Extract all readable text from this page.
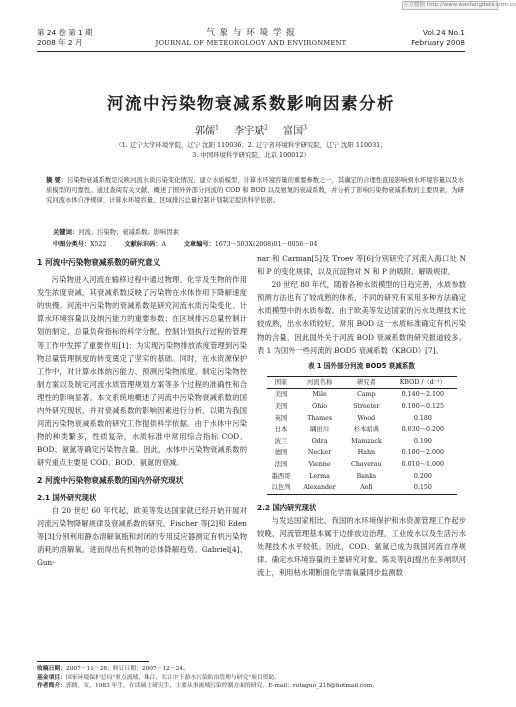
万方数据 http://www.wanfangdata.com.cn
第 24 卷 第 1 期
2008 年 2 月
气 象 与 环 境 学 报
JOURNAL OF METEOROLOGY AND ENVIRONMENT
Vol.24 No.1
February 2008
河流中污染物衰减系数影响因素分析
郭儒$^1$ 李宇斌$^2$ 富国$^3$
（1. 辽宁大学环境学院，辽宁 沈阳 110036；2. 辽宁省环境科学研究院，辽宁 沈阳 110031；
3. 中国环境科学研究院，北京 100012）
摘 要：污染物衰减系数是反映河流水质污染变化情况、建立水质模型、计算水环境容量的重要参数之一，其确定的合理性直接影响到水环境容量以及水质模型的可靠性。通过查阅有关文献，概述了国外外部分河流的 COD 和 BOD 以及氨氮的衰减系数，并分析了影响污染物衰减系数的主要因素，为研究河流水体自净规律、计算水环境容量、区域排污总量控制计划制定提供科学依据。
关键词：河流；污染物；衰减系数；影响因素
中图分类号：X522	文献标识码：A	文章编号：1673－503X(2008)01－0056－04
1 河流中污染物衰减系数的研究意义

污染物进入河流在输移过程中通过物理、化学及生物的作用发生浓度衰减，其衰减系数反映了污染物在水体作用下降解速度的快慢。河流中污染物的衰减系数是研究河流水质污染变化、计算水环境容量以及纳污能力的重要参数；在区域排污总量控制计划的制定、总量负荷指标的科学分配、控制计划执行过程的管理等工作中发挥了重要作用[1]；为实现污染物排放浓度管理到污染物总量管理制度的转变奠定了坚实的基础。同时，在水资源保护工作中，对计算水体纳污能力、预测污染物浓度、制定污染物控制方案以及制定河流水质管理规划方案等多个过程的准确性和合理性的影响显著。本文系统地概述了河流中污染物衰减系数的国内外研究现状，并对衰减系数的影响因素进行分析，以期为我国河流污染物衰减系数的研究工作提供科学依据。由于水体中污染物的种类繁多，性质复杂，水质标准中常用综合指标 COD、BOD、氨氮等确定污染物含量。因此，水体中污染物衰减系数的研究重点主要是 COD、BOD、氨氮的衰减。

2 河流中污染物衰减系数的国内外研究现状
2.1 国外研究现状

自 20 世纪 60 年代起，欧美等发达国家就已经开始开展对河流污染物降解规律及衰减系数的研究。Fischer 等[2]和 Eden 等[3]分别利用静态溶解氧瓶和封闭的专用反应器测定有机污染物消耗的溶解氧，进而得出有机物的总体降解趋势。Gabriel[4]、Gun-

nar 和 Carman[5]及 Troev 等[6]分别研究了河流入海口处 N 和 P 的变化规律，以及沉淀物对 N 和 P 的吸附、解吸规律。

20 世纪 80 年代，随着各种水质模型的日趋完善，水质参数预测方法也有了较成熟的体系，不同的研究有采用多种方法确定水质模型中的水质参数。由于欧美等发达国家的污水处理技术比较成熟，出水水质较好，常用 BOD 这一水质标准确定有机污染物的含量，因此国外关于河流 BOD 衰减系数的研究报道较多。表 1 为国外一些河流的 BOD5 衰减系数（KBOD）[7]。

表 1 国外部分河流 BOD5 衰减系数
国家	河流名称	研究者	KBOD /（d⁻¹）
美国	Mile	Camp	0.140～2.100
美国	Ohio	Streeter	0.100～0.125
英国	Thames	Wood	0.180
日本	隅田川	杉本昭典	0.030～0.200
波兰	Odra	Mamzack	0.190
德国	Necker	Hahn	0.100～2.000
法国	Vienne	Chaverau	0.010～1.000
墨西哥	Lerma	Banks	0.200
以色列	Alexander	Aefi	0.150
2.2 国内研究现状

与发达国家相比，我国的水环境保护和水资源管理工作起步较晚，河流管理基本属于边排放边治理，工业废水以及生活污水处理技术水平较低。因此，COD、氨氮已成为我国河流自净规律、确定水环境容量的主要研究对象。陈炎等[8]提出在多闸坝河流上，利用枯水期断面化学需氧量同步监测数

收稿日期：2007－11－28；修订日期：2007－12－24。
基金项目：国家环境保护总局"重点流域，珠江、长江中下游水污染防治管理与研究"项目资助。
作者简介：郭儒，女，1983 年生，在读硕士研究生，主要从事流域污染控制方面的研究，E-mail：rutaguo_218@hotmail.com。
